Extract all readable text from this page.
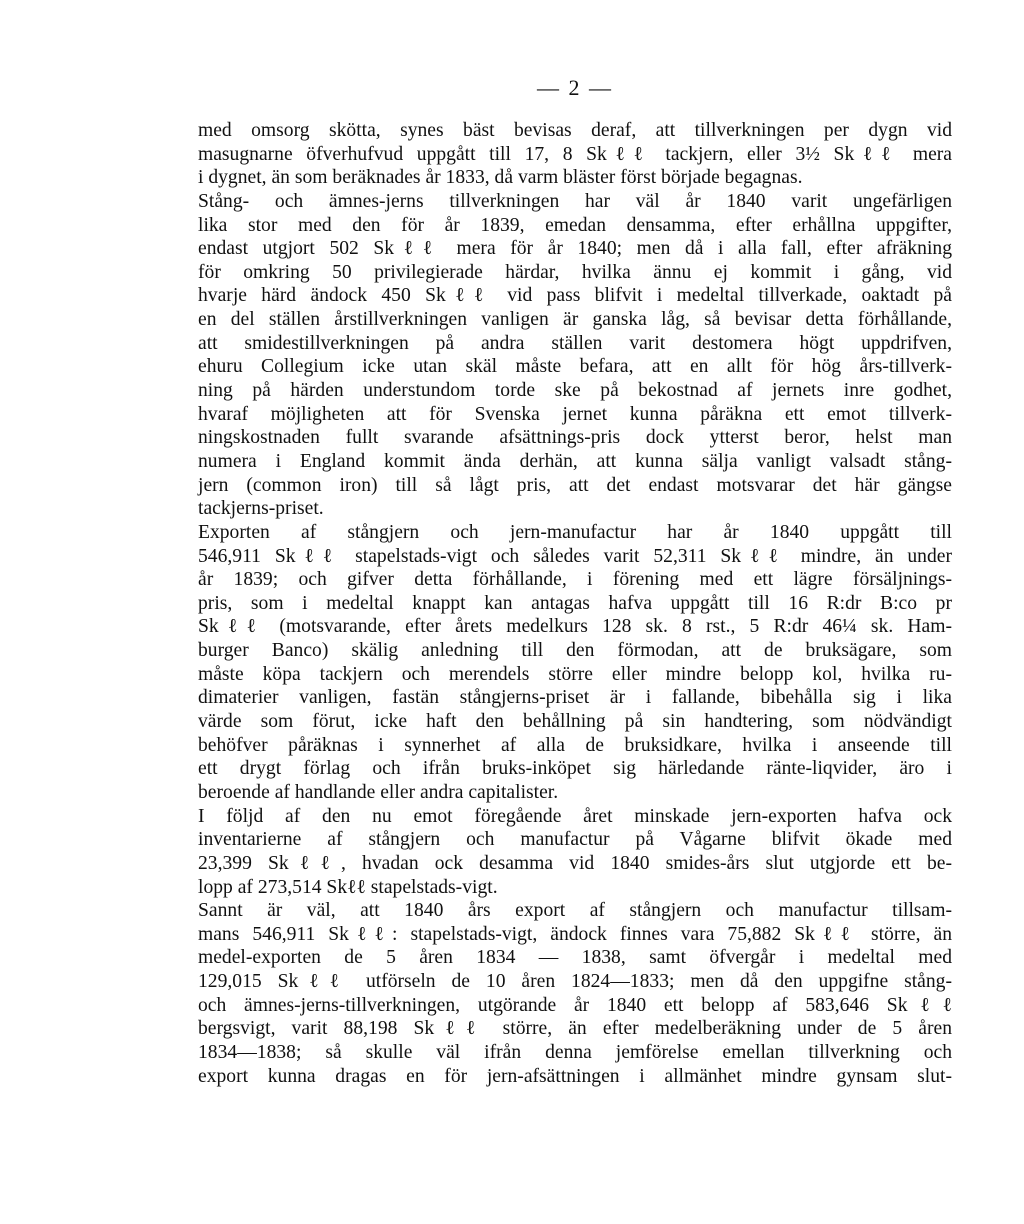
— 2 —
med omsorg skötta, synes bäst bevisas deraf, att tillverkningen per dygn vid
masugnarne öfverhufvud uppgått till 17, 8 Skℓℓ tackjern, eller 3½ Skℓℓ mera
i dygnet, än som beräknades år 1833, då varm bläster först började begagnas.
Stång- och ämnes-jerns tillverkningen har väl år 1840 varit ungefärligen
lika stor med den för år 1839, emedan densamma, efter erhållna uppgifter,
endast utgjort 502 Skℓℓ mera för år 1840; men då i alla fall, efter afräkning
för omkring 50 privilegierade härdar, hvilka ännu ej kommit i gång, vid
hvarje härd ändock 450 Skℓℓ vid pass blifvit i medeltal tillverkade, oaktadt på
en del ställen årstillverkningen vanligen är ganska låg, så bevisar detta förhållande,
att smidestillverkningen på andra ställen varit destomera högt uppdrifven,
ehuru Collegium icke utan skäl måste befara, att en allt för hög års-tillverk-
ning på härden understundom torde ske på bekostnad af jernets inre godhet,
hvaraf möjligheten att för Svenska jernet kunna påräkna ett emot tillverk-
ningskostnaden fullt svarande afsättnings-pris dock ytterst beror, helst man
numera i England kommit ända derhän, att kunna sälja vanligt valsadt stång-
jern (common iron) till så lågt pris, att det endast motsvarar det här gängse
tackjerns-priset.
Exporten af stångjern och jern-manufactur har år 1840 uppgått till
546,911 Skℓℓ stapelstads-vigt och således varit 52,311 Skℓℓ mindre, än under
år 1839; och gifver detta förhållande, i förening med ett lägre försäljnings-
pris, som i medeltal knappt kan antagas hafva uppgått till 16 R:dr B:co pr
Skℓℓ (motsvarande, efter årets medelkurs 128 sk. 8 rst., 5 R:dr 46¼ sk. Ham-
burger Banco) skälig anledning till den förmodan, att de bruksägare, som
måste köpa tackjern och merendels större eller mindre belopp kol, hvilka ru-
dimaterier vanligen, fastän stångjerns-priset är i fallande, bibehålla sig i lika
värde som förut, icke haft den behållning på sin handtering, som nödvändigt
behöfver påräknas i synnerhet af alla de bruksidkare, hvilka i anseende till
ett drygt förlag och ifrån bruks-inköpet sig härledande ränte-liqvider, äro i
beroende af handlande eller andra capitalister.
I följd af den nu emot föregående året minskade jern-exporten hafva ock
inventarierne af stångjern och manufactur på Vågarne blifvit ökade med
23,399 Skℓℓ, hvadan ock desamma vid 1840 smides-års slut utgjorde ett be-
lopp af 273,514 Skℓℓ stapelstads-vigt.
Sannt är väl, att 1840 års export af stångjern och manufactur tillsam-
mans 546,911 Skℓℓ: stapelstads-vigt, ändock finnes vara 75,882 Skℓℓ större, än
medel-exporten de 5 åren 1834 — 1838, samt öfvergår i medeltal med
129,015 Skℓℓ utförseln de 10 åren 1824—1833; men då den uppgifne stång-
och ämnes-jerns-tillverkningen, utgörande år 1840 ett belopp af 583,646 Skℓℓ
bergsvigt, varit 88,198 Skℓℓ större, än efter medelberäkning under de 5 åren
1834—1838; så skulle väl ifrån denna jemförelse emellan tillverkning och
export kunna dragas en för jern-afsättningen i allmänhet mindre gynsam slut-
